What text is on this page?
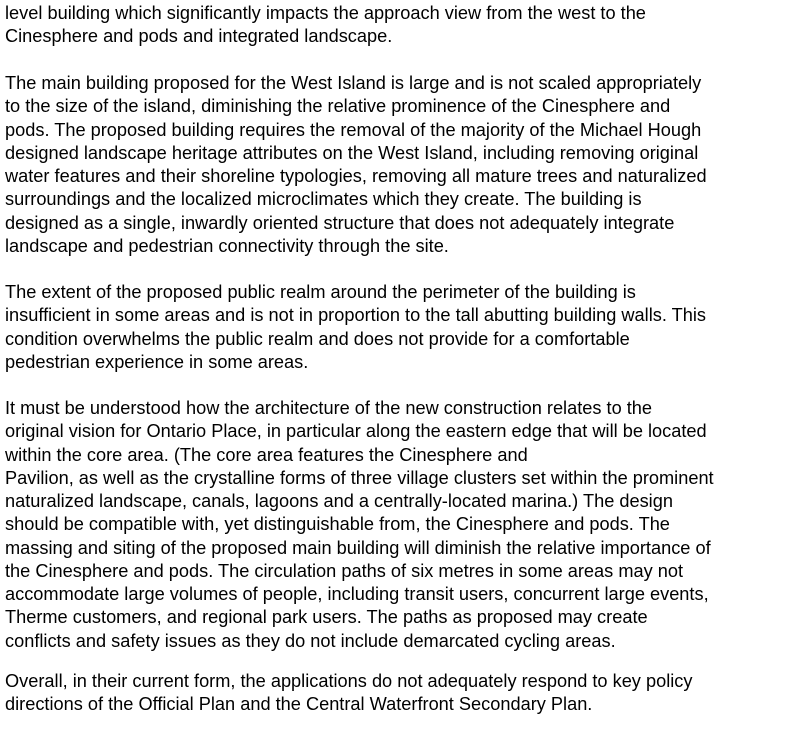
level building which significantly impacts the approach view from the west to the
Cinesphere and pods and integrated landscape.
The main building proposed for the West Island is large and is not scaled appropriately
to the size of the island, diminishing the relative prominence of the Cinesphere and
pods. The proposed building requires the removal of the majority of the Michael Hough
designed landscape heritage attributes on the West Island, including removing original
water features and their shoreline typologies, removing all mature trees and naturalized
surroundings and the localized microclimates which they create. The building is
designed as a single, inwardly oriented structure that does not adequately integrate
landscape and pedestrian connectivity through the site.
The extent of the proposed public realm around the perimeter of the building is
insufficient in some areas and is not in proportion to the tall abutting building walls. This
condition overwhelms the public realm and does not provide for a comfortable
pedestrian experience in some areas.
It must be understood how the architecture of the new construction relates to the
original vision for Ontario Place, in particular along the eastern edge that will be located
within the core area. (The core area features the Cinesphere and
Pavilion, as well as the crystalline forms of three village clusters set within the prominent
naturalized landscape, canals, lagoons and a centrally-located marina.) The design
should be compatible with, yet distinguishable from, the Cinesphere and pods. The
massing and siting of the proposed main building will diminish the relative importance of
the Cinesphere and pods. The circulation paths of six metres in some areas may not
accommodate large volumes of people, including transit users, concurrent large events,
Therme customers, and regional park users. The paths as proposed may create
conflicts and safety issues as they do not include demarcated cycling areas.
Overall, in their current form, the applications do not adequately respond to key policy
directions of the Official Plan and the Central Waterfront Secondary Plan.
